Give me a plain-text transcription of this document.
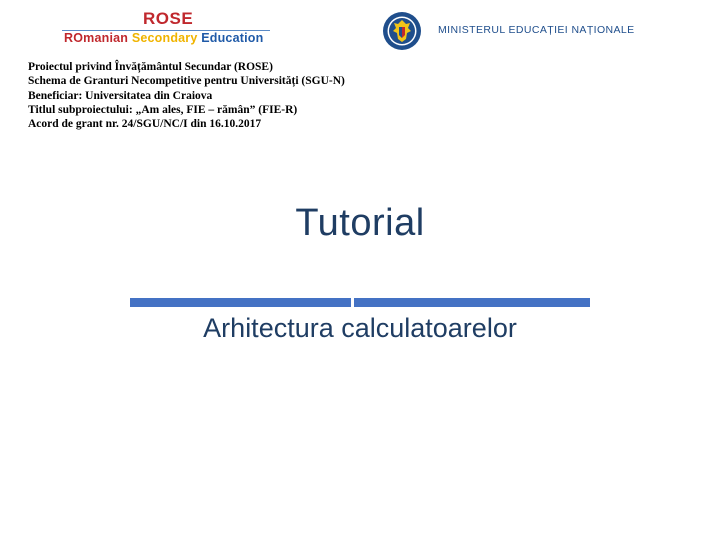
ROSE
ROmanian Secondary Education
MINISTERUL EDUCAȚIEI NAȚIONALE
Proiectul privind Învățământul Secundar (ROSE)
Schema de Granturi Necompetitive pentru Universități (SGU-N)
Beneficiar: Universitatea din Craiova
Titlul subproiectului: „Am ales, FIE – rămân” (FIE-R)
Acord de grant nr. 24/SGU/NC/I din 16.10.2017
Tutorial
Arhitectura calculatoarelor
